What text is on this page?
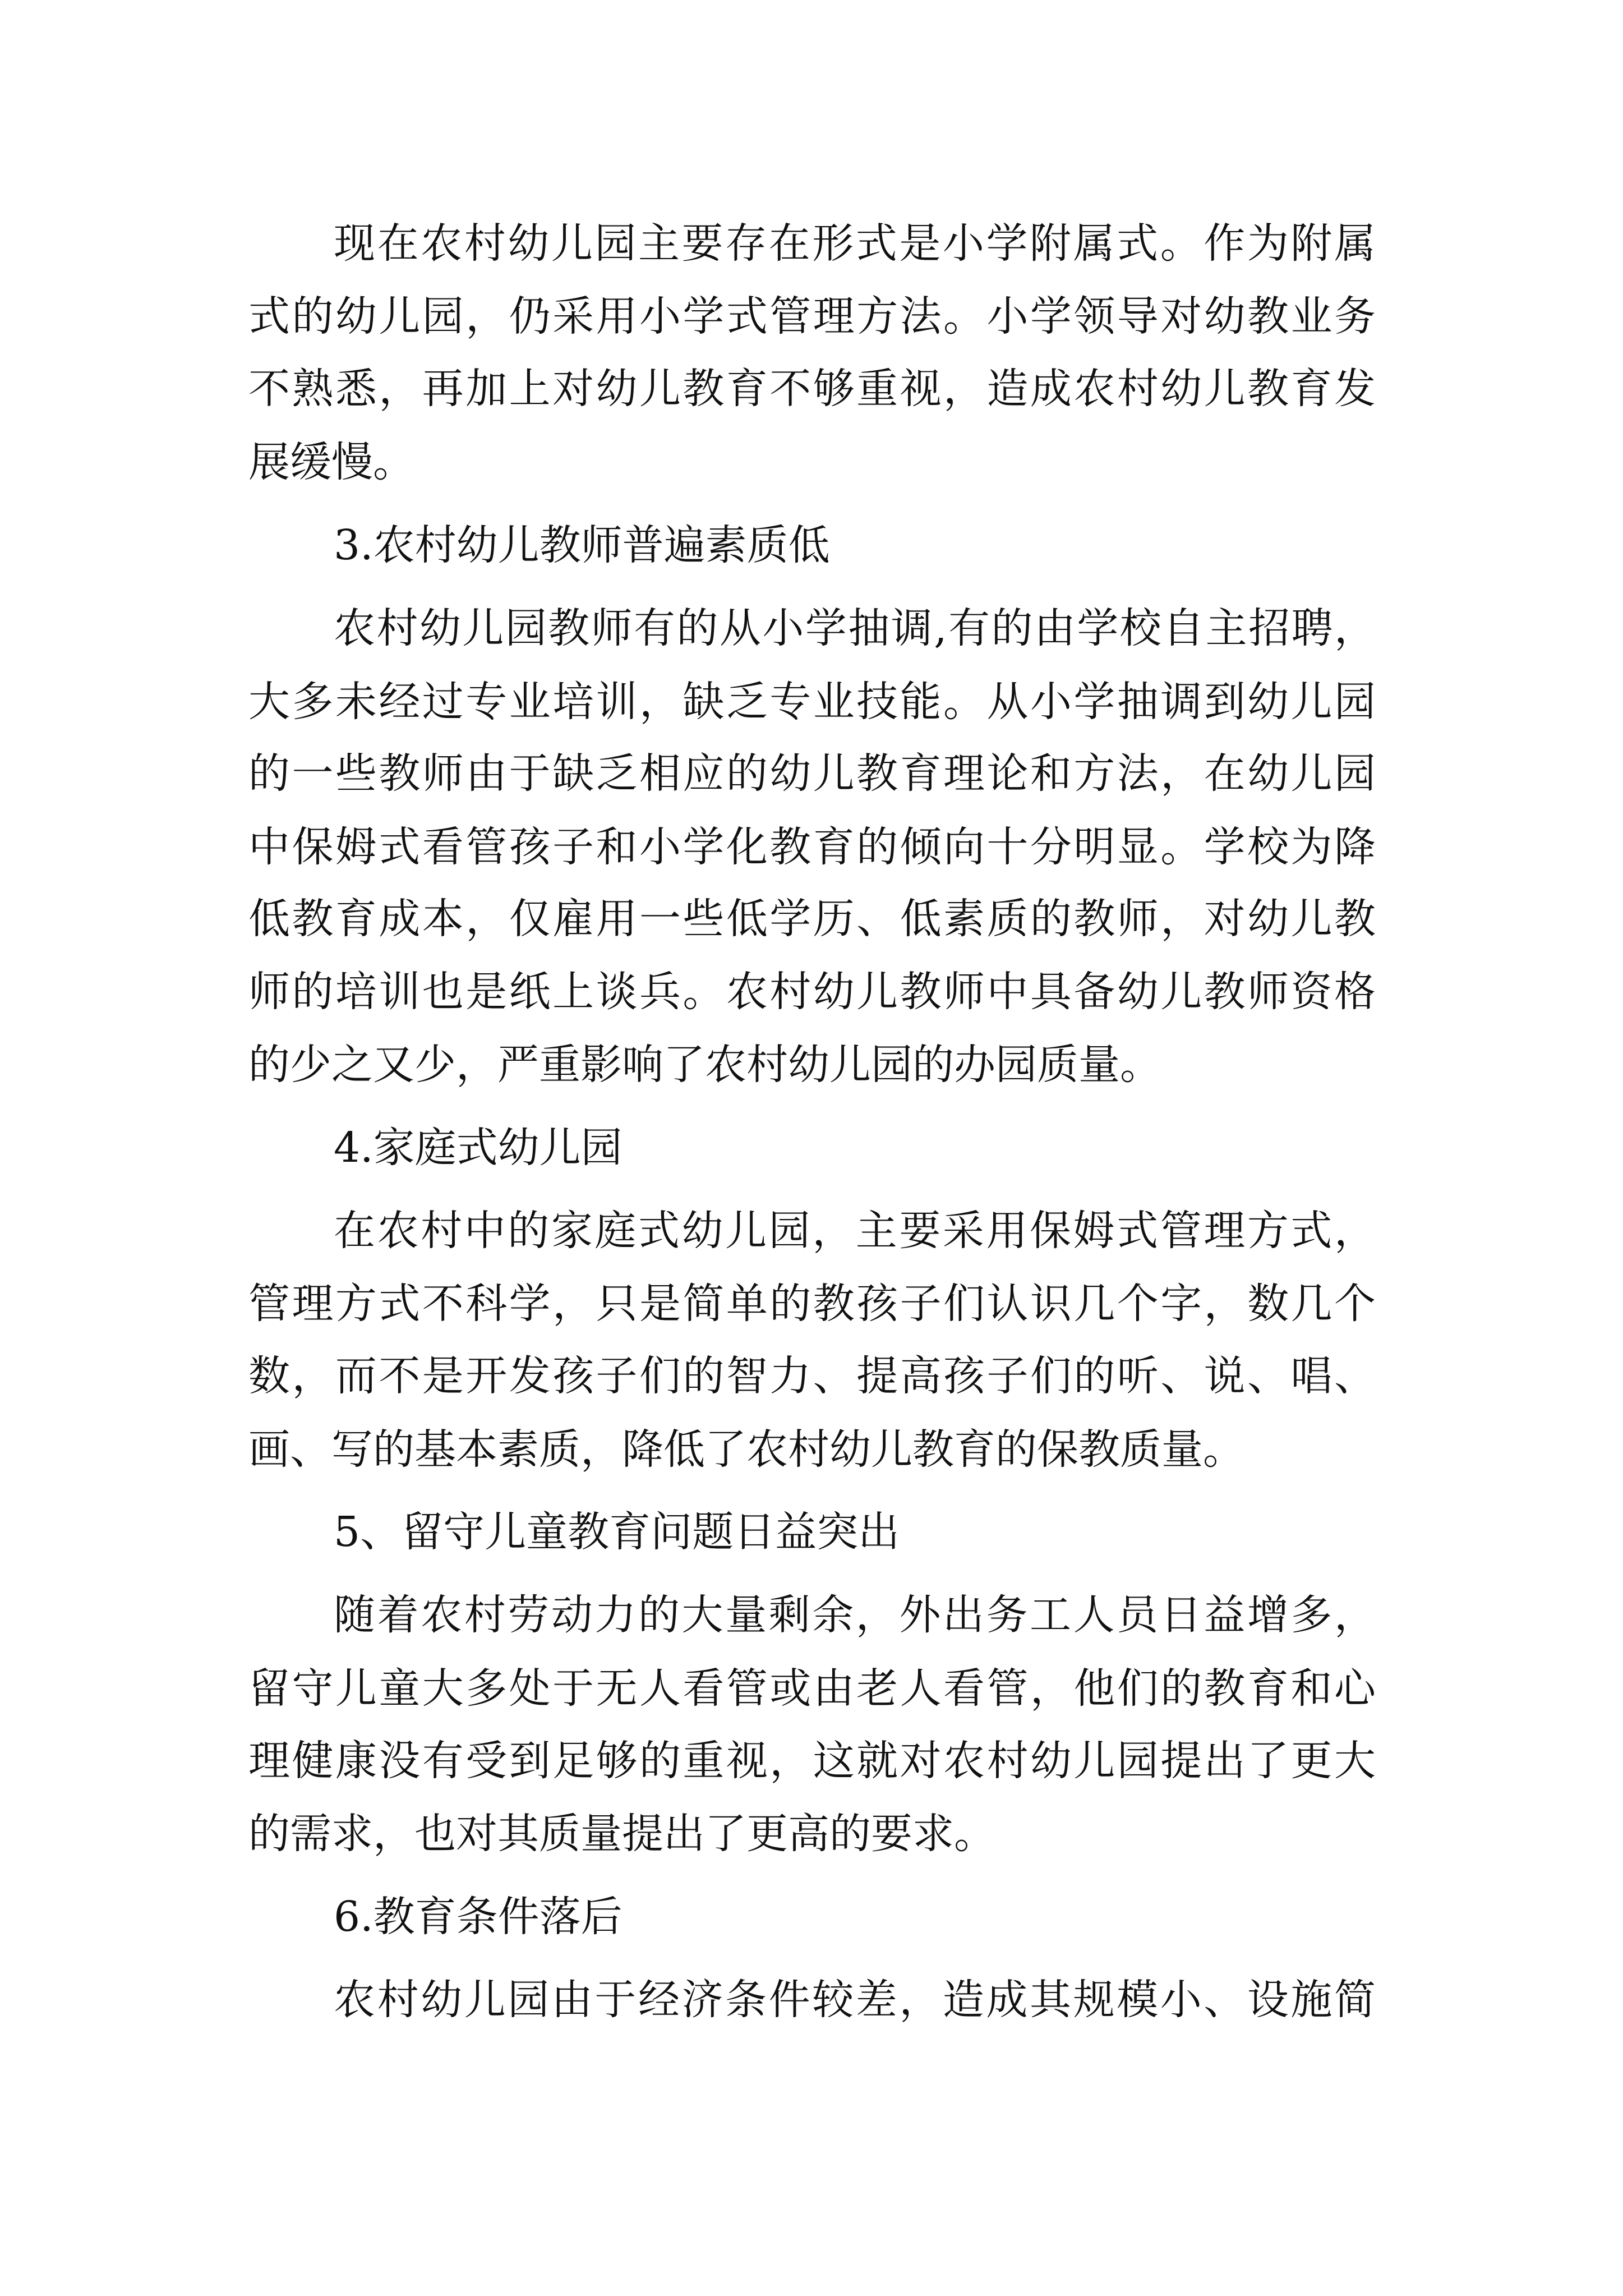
现在农村幼儿园主要存在形式是小学附属式。作为附属

式的幼儿园，仍采用小学式管理方法。小学领导对幼教业务

不熟悉，再加上对幼儿教育不够重视，造成农村幼儿教育发

展缓慢。

3.农村幼儿教师普遍素质低

农村幼儿园教师有的从小学抽调,有的由学校自主招聘，

大多未经过专业培训，缺乏专业技能。从小学抽调到幼儿园

的一些教师由于缺乏相应的幼儿教育理论和方法，在幼儿园

中保姆式看管孩子和小学化教育的倾向十分明显。学校为降

低教育成本，仅雇用一些低学历、低素质的教师，对幼儿教

师的培训也是纸上谈兵。农村幼儿教师中具备幼儿教师资格

的少之又少，严重影响了农村幼儿园的办园质量。

4.家庭式幼儿园

在农村中的家庭式幼儿园，主要采用保姆式管理方式，

管理方式不科学，只是简单的教孩子们认识几个字，数几个

数，而不是开发孩子们的智力、提高孩子们的听、说、唱、

画、写的基本素质，降低了农村幼儿教育的保教质量。

5、留守儿童教育问题日益突出

随着农村劳动力的大量剩余，外出务工人员日益增多，

留守儿童大多处于无人看管或由老人看管，他们的教育和心

理健康没有受到足够的重视，这就对农村幼儿园提出了更大

的需求，也对其质量提出了更高的要求。

6.教育条件落后

农村幼儿园由于经济条件较差，造成其规模小、设施简
